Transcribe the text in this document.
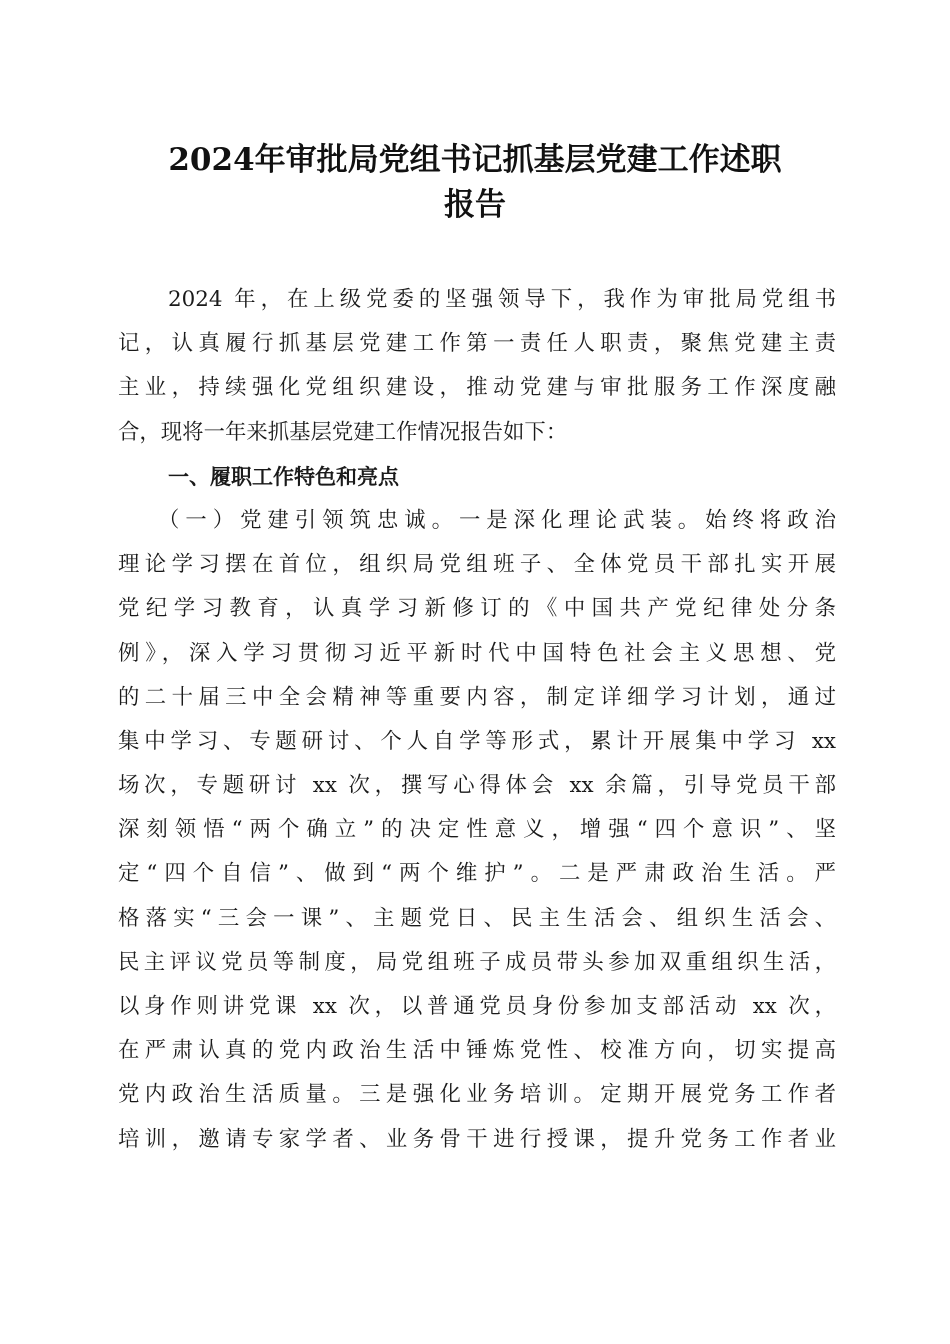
2024年审批局党组书记抓基层党建工作述职
报告
2024 年，在上级党委的坚强领导下，我作为审批局党组书
记，认真履行抓基层党建工作第一责任人职责，聚焦党建主责
主业，持续强化党组织建设，推动党建与审批服务工作深度融
合，现将一年来抓基层党建工作情况报告如下：
一、履职工作特色和亮点
（一）党建引领筑忠诚。一是深化理论武装。始终将政治
理论学习摆在首位，组织局党组班子、全体党员干部扎实开展
党纪学习教育，认真学习新修订的《中国共产党纪律处分条
例》，深入学习贯彻习近平新时代中国特色社会主义思想、党
的二十届三中全会精神等重要内容，制定详细学习计划，通过
集中学习、专题研讨、个人自学等形式，累计开展集中学习 xx
场次，专题研讨 xx 次，撰写心得体会 xx 余篇，引导党员干部
深刻领悟“两个确立”的决定性意义，增强“四个意识”、坚
定“四个自信”、做到“两个维护”。二是严肃政治生活。严
格落实“三会一课”、主题党日、民主生活会、组织生活会、
民主评议党员等制度，局党组班子成员带头参加双重组织生活，
以身作则讲党课 xx 次，以普通党员身份参加支部活动 xx 次，
在严肃认真的党内政治生活中锤炼党性、校准方向，切实提高
党内政治生活质量。三是强化业务培训。定期开展党务工作者
培训，邀请专家学者、业务骨干进行授课，提升党务工作者业
